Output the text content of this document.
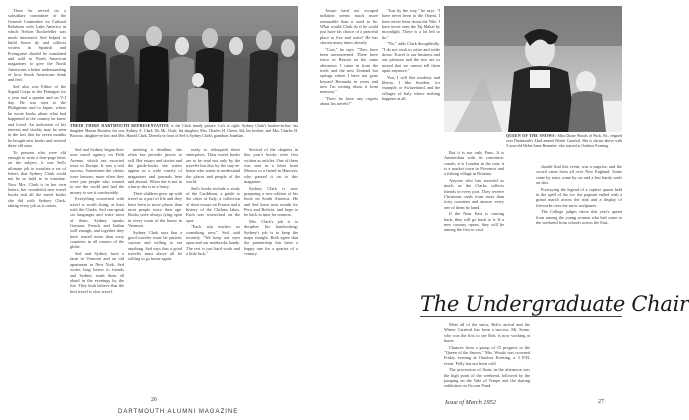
There he served on a subsidiary committee of the General Committee on Cultural Relations with Latin America in which Nelson Rockefeller was much interested. Sed helped to build Sonor dy and collects writers in Spanish and Portuguese should be translated and sold in North American magazines to give the North Americans a better understanding of how South Americans think and feel.

Sed also was Editor of the Signal Corps in the Pentagon for a year and a quarter and on V-J day. He was sent to the Philippines and to Japan, where he wrote books about what had happened to the country he knew and loved. An indication of his interest and vitality may be seen in the fact that for seven months he bought new books and revised three old ones.

To persons who were old enough to write a four-page letter on the subject, it was Sed's ultimate job to translate a set of letters that Sydney Clark could not be so bold as to translate. Now Mrs. Clark is in her own letters, her wonderful new travel books and all the travel books she did with Sydney Clark, taking every job as it comes.

THEIR THIRD DARTMOUTH REPRESENTATIVE is the Clark family picture. Left to right: Sydney Clark's brother-in-law; his daughter Marian Boswitz; his son; Sydney A. Clark '46; Mr. Clark; his daughter, Mrs. Charles H. Green; Sid, his brother, and Mrs. Charles H. Boswitz, daughter-in-law; and Mrs. Harold Clark. Directly in front of Sed is Sydney Clark's grandson Jonathan.

Sed and Sydney began their own travel agency on Fifth Avenue, which ran escorted tours to Europe. It was a real success. Sometimes the clients were famous; more often they were just people who wanted to see the world and had the money to see it comfortably.

Everything concerned with travel is worth doing, at least with the Clarks. Sed can speak six languages and write most of them. Sydney speaks German, French and Italian well enough, and together they have toured more than sixty countries in all corners of the globe.

Sed and Sydney have a farm in Vermont and an old apartment in New York. Sed writes long letters to friends and Sydney reads them all aloud in the evenings by the fire. They both believe that the best travel is slow travel.

meeting a deadline, she often has periodic pieces to sell. Her essays and stories and the guide-books she writes appear in a wide variety of magazines and journals here and abroad. When she is not in a hurry she is in a hurry.

Their children grew up with travel as a part of life and they have been to more places than most people twice their age. Books were always lying open in every room of the house in Vermont.

Sydney Clark says that a good traveler must be patient, curious and willing to eat anything. Sed says that a good traveler must above all be willing to go home again.

ready to relinquish these enterprises. Their travel books are to be read not only by the traveler but also by the stay-at-home who wants to understand the places and people of the world.

Sed's books include a study of the Caribbean, a guide to the cities of Italy, a collection of short essays on France and a history of the Chilean lakes. Each was researched on the spot.

"Each trip teaches us something new," Sed said recently. "We keep our eyes open and our notebooks handy. The rest is just hard work and a little luck."

Several of the chapters in this year's books were first written as articles. One of them was sent as a letter from Mexico to a friend in Hanover, who passed it on to this magazine.

Sydney Clark is now preparing a new edition of his book on South America. He and Sed leave next month for Peru and Bolivia, and hope to be back in time for reunion.

Mrs. Clark's job is to decipher his handwriting; Sydney's job is to keep the maps straight. Both agree that the partnership has been a happy one for a quarter of a century.

26
DARTMOUTH ALUMNI MAGAZINE

Arturo hard not escaped inflation seems much more reasonable than it used to be. What would Clark do if he could just have his choice of a peaceful place to live and write? He has chosen many times already.

"Cost," he says. "They have been unconcerned. There have twice in Hawaii on the same afternoon. I came in from the trails and the new Zealand hot springs where I have not gone beyond Bermuda in years and now I'm writing about it from memory."

"Does he have any regrets about his travels?"

"Just by the way," he says. "I have never been to the Orient. I have never been down the Nile. I have never seen the Taj Mahal by moonlight. There is a lot left to do."

"No," adds Clark thoughtfully. "I do not wish to retire and settle down. Travel is our business and our pleasure and the two are so mixed that we cannot tell them apart anymore."

You, I will like modesty and liberty. I like Sweden, for example, or Switzerland, and the villages of Italy where nothing happens at all.

But it is not only Paris. It is Amsterdam with its concentric canals; it is London in the rain; it is a market town in Provence and a fishing village in Brittany.

Anyone who has traveled as much as the Clarks collects friends in every port. They receive Christmas cards from more than forty countries and answer every one of them by hand.

If the Near East is coming back, they will go back to it. If a new country opens, they will be among the first to visit.

QUEEN OF THE SNOWS: Miss Diane Woods of Puck, Pa., reigned over Dartmouth's 42nd annual Winter Carnival. She is shown above with 3-year-old Helen Anne Bennette, who starred at Outdoor Evening.
The Undergraduate Chair

Meet all of the snow, Bob's arrival and the Winter Carnival has been a success. Mr. Stone, who was the first to see Bob, is now working at home.

Chances from a group of 15 progress to the "Queen of the Snows." Mrs. Woods was crowned Friday evening at Outdoor Evening, a 3 P.M. event. Polly has not been cold.

The procession of floats in the afternoon was the high point of the weekend, followed by the jumping on the Vale of Tempe and the skating exhibition on Occom Pond.

should find this event, was a surprise, and the crowd came from all over New England. Some came by train, some by car and a few hardy souls on skis.

Portraying the legend of a captive queen held in the spell of the ice, the pageant ended with a grand march across the rink and a display of fireworks over the snow sculptures.

The College judges chose this year's queen from among the young women who had come to the weekend from schools across the East.

Issue of March 1952	27
